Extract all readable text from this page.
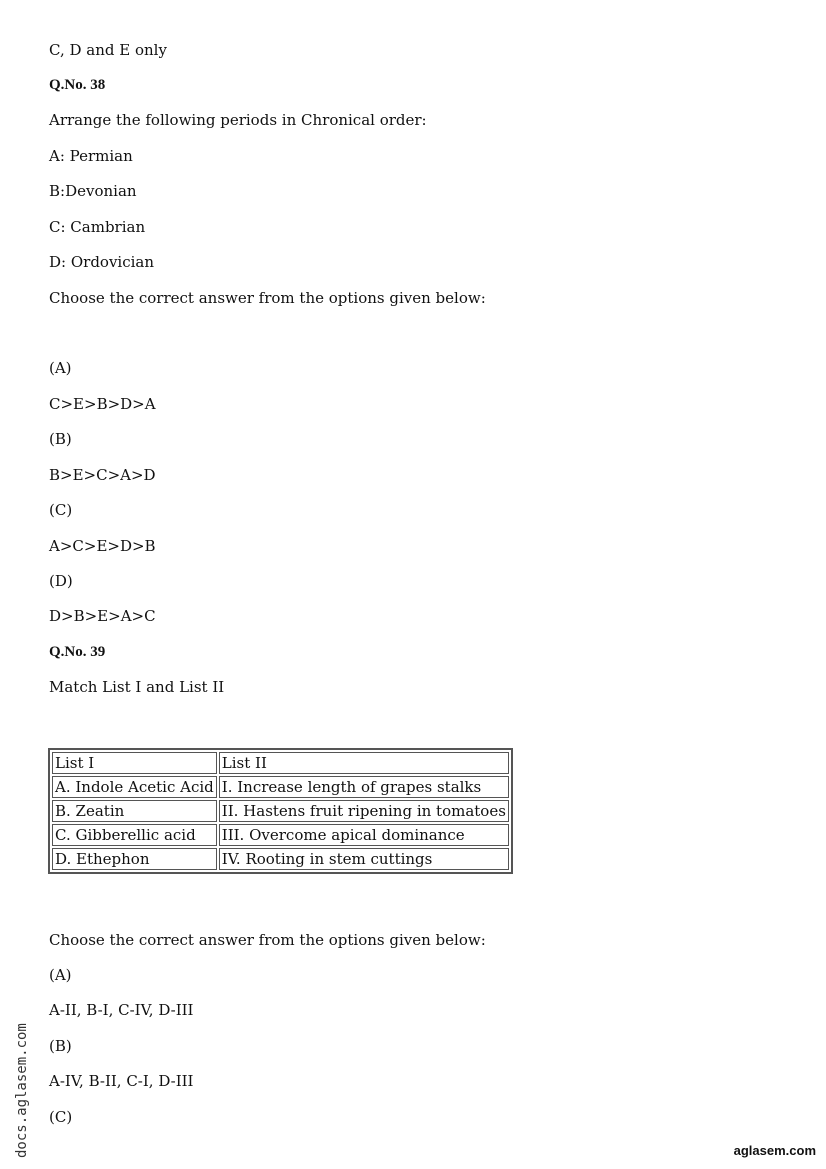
C, D and E only
Q.No. 38
Arrange the following periods in Chronical order:
A: Permian
B:Devonian
C: Cambrian
D: Ordovician
Choose the correct answer from the options given below:
(A)
C>E>B>D>A
(B)
B>E>C>A>D
(C)
A>C>E>D>B
(D)
D>B>E>A>C
Q.No. 39
Match List I and List II
List I	List II
A. Indole Acetic Acid	I. Increase length of grapes stalks
B. Zeatin	II. Hastens fruit ripening in tomatoes
C. Gibberellic acid	III. Overcome apical dominance
D. Ethephon	IV. Rooting in stem cuttings
Choose the correct answer from the options given below:
(A)
A-II, B-I, C-IV, D-III
(B)
A-IV, B-II, C-I, D-III
(C)
docs.aglasem.com	aglasem.com
